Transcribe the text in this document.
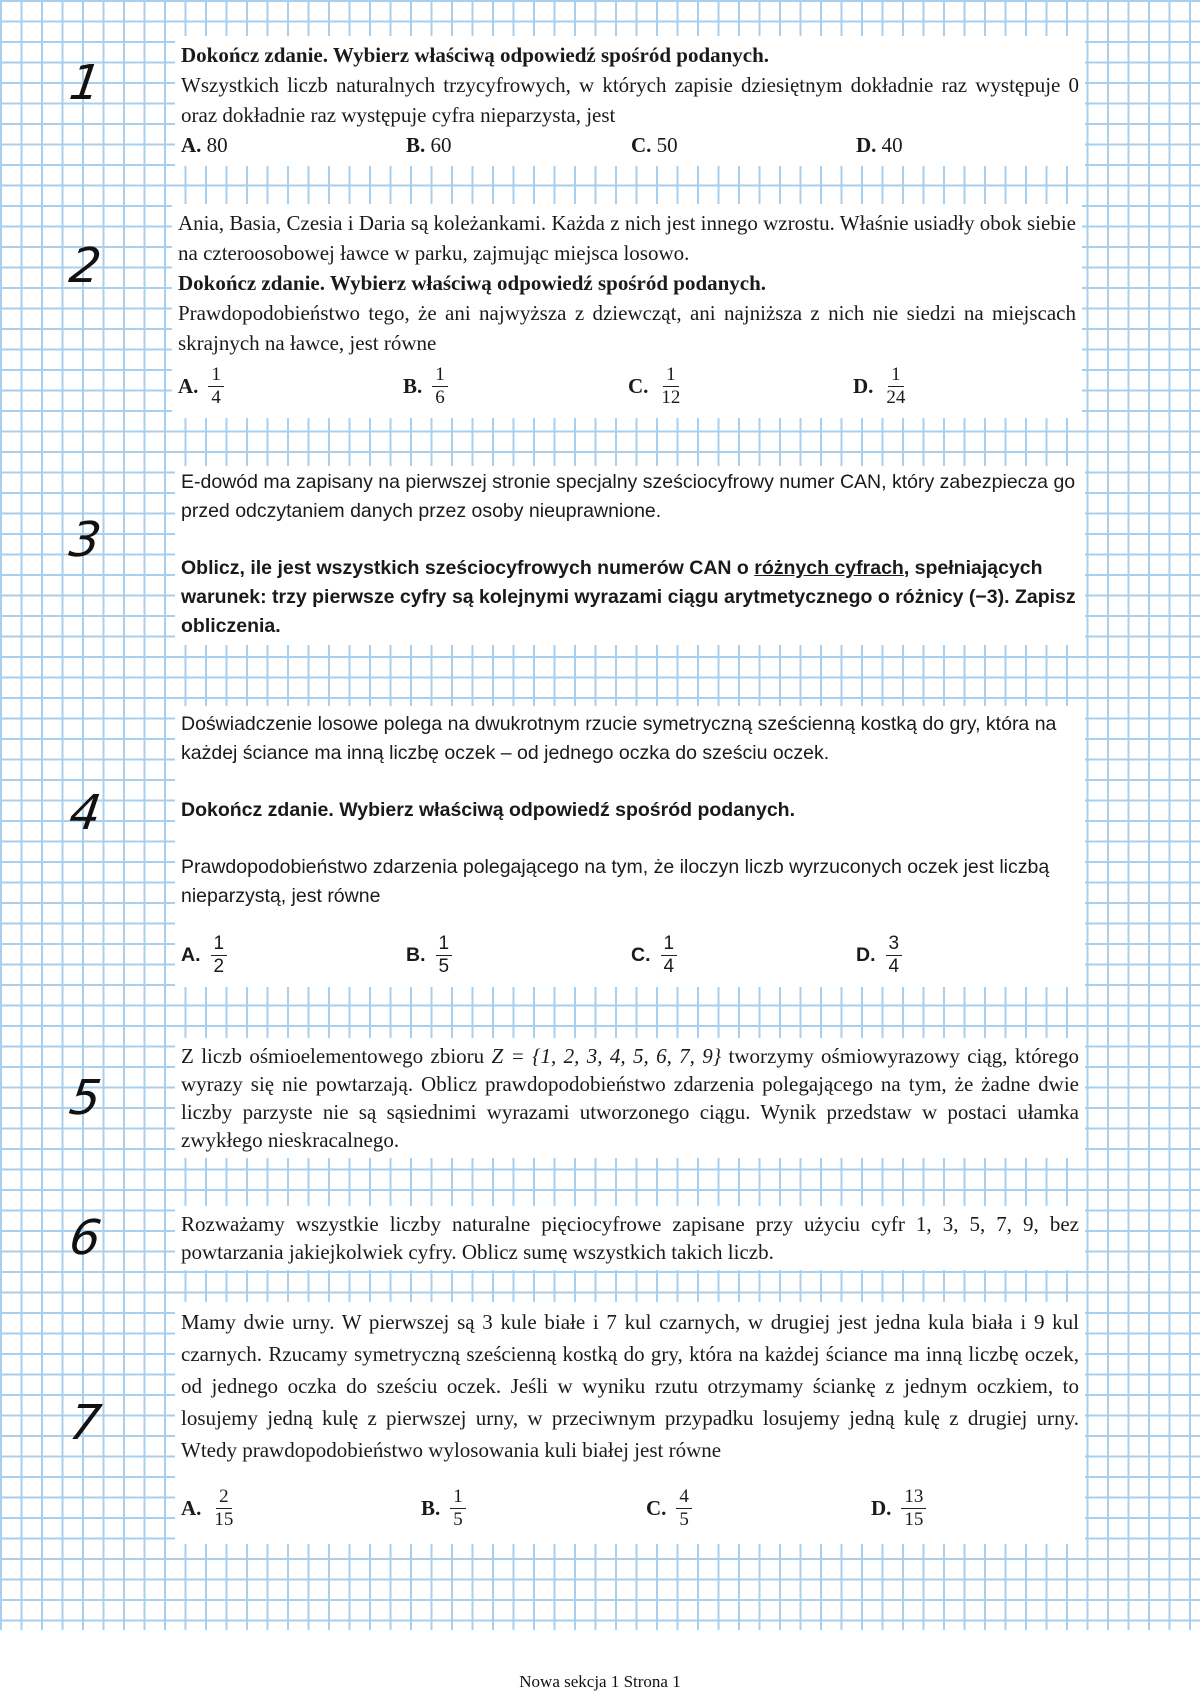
1
2
3
4
5
6
7

Dokończ zdanie. Wybierz właściwą odpowiedź spośród podanych.

Wszystkich liczb naturalnych trzycyfrowych, w których zapisie dziesiętnym dokładnie raz występuje 0 oraz dokładnie raz występuje cyfra nieparzysta, jest

A. 80	B. 60	C. 50	D. 40

Ania, Basia, Czesia i Daria są koleżankami. Każda z nich jest innego wzrostu. Właśnie usiadły obok siebie na czteroosobowej ławce w parku, zajmując miejsca losowo.

Dokończ zdanie. Wybierz właściwą odpowiedź spośród podanych.

Prawdopodobieństwo tego, że ani najwyższa z dziewcząt, ani najniższa z nich nie siedzi na miejscach skrajnych na ławce, jest równe

A. $\frac{1}{4}$	B. $\frac{1}{6}$	C. $\frac{1}{12}$	D. $\frac{1}{24}$

E-dowód ma zapisany na pierwszej stronie specjalny sześciocyfrowy numer CAN, który zabezpiecza go przed odczytaniem danych przez osoby nieuprawnione.

Oblicz, ile jest wszystkich sześciocyfrowych numerów CAN o różnych cyfrach, spełniających warunek: trzy pierwsze cyfry są kolejnymi wyrazami ciągu arytmetycznego o różnicy (−3). Zapisz obliczenia.

Doświadczenie losowe polega na dwukrotnym rzucie symetryczną sześcienną kostką do gry, która na każdej ściance ma inną liczbę oczek – od jednego oczka do sześciu oczek.

Dokończ zdanie. Wybierz właściwą odpowiedź spośród podanych.

Prawdopodobieństwo zdarzenia polegającego na tym, że iloczyn liczb wyrzuconych oczek jest liczbą nieparzystą, jest równe

A. $\frac{1}{2}$	B. $\frac{1}{5}$	C. $\frac{1}{4}$	D. $\frac{3}{4}$

Z liczb ośmioelementowego zbioru Z = {1, 2, 3, 4, 5, 6, 7, 9} tworzymy ośmiowyrazowy ciąg, którego wyrazy się nie powtarzają. Oblicz prawdopodobieństwo zdarzenia polegającego na tym, że żadne dwie liczby parzyste nie są sąsiednimi wyrazami utworzonego ciągu. Wynik przedstaw w postaci ułamka zwykłego nieskracalnego.

Rozważamy wszystkie liczby naturalne pięciocyfrowe zapisane przy użyciu cyfr 1, 3, 5, 7, 9, bez powtarzania jakiejkolwiek cyfry. Oblicz sumę wszystkich takich liczb.

Mamy dwie urny. W pierwszej są 3 kule białe i 7 kul czarnych, w drugiej jest jedna kula biała i 9 kul czarnych. Rzucamy symetryczną sześcienną kostką do gry, która na każdej ściance ma inną liczbę oczek, od jednego oczka do sześciu oczek. Jeśli w wyniku rzutu otrzymamy ściankę z jednym oczkiem, to losujemy jedną kulę z pierwszej urny, w przeciwnym przypadku losujemy jedną kulę z drugiej urny. Wtedy prawdopodobieństwo wylosowania kuli białej jest równe

A. $\frac{2}{15}$	B. $\frac{1}{5}$	C. $\frac{4}{5}$	D. $\frac{13}{15}$
Nowa sekcja 1 Strona 1
